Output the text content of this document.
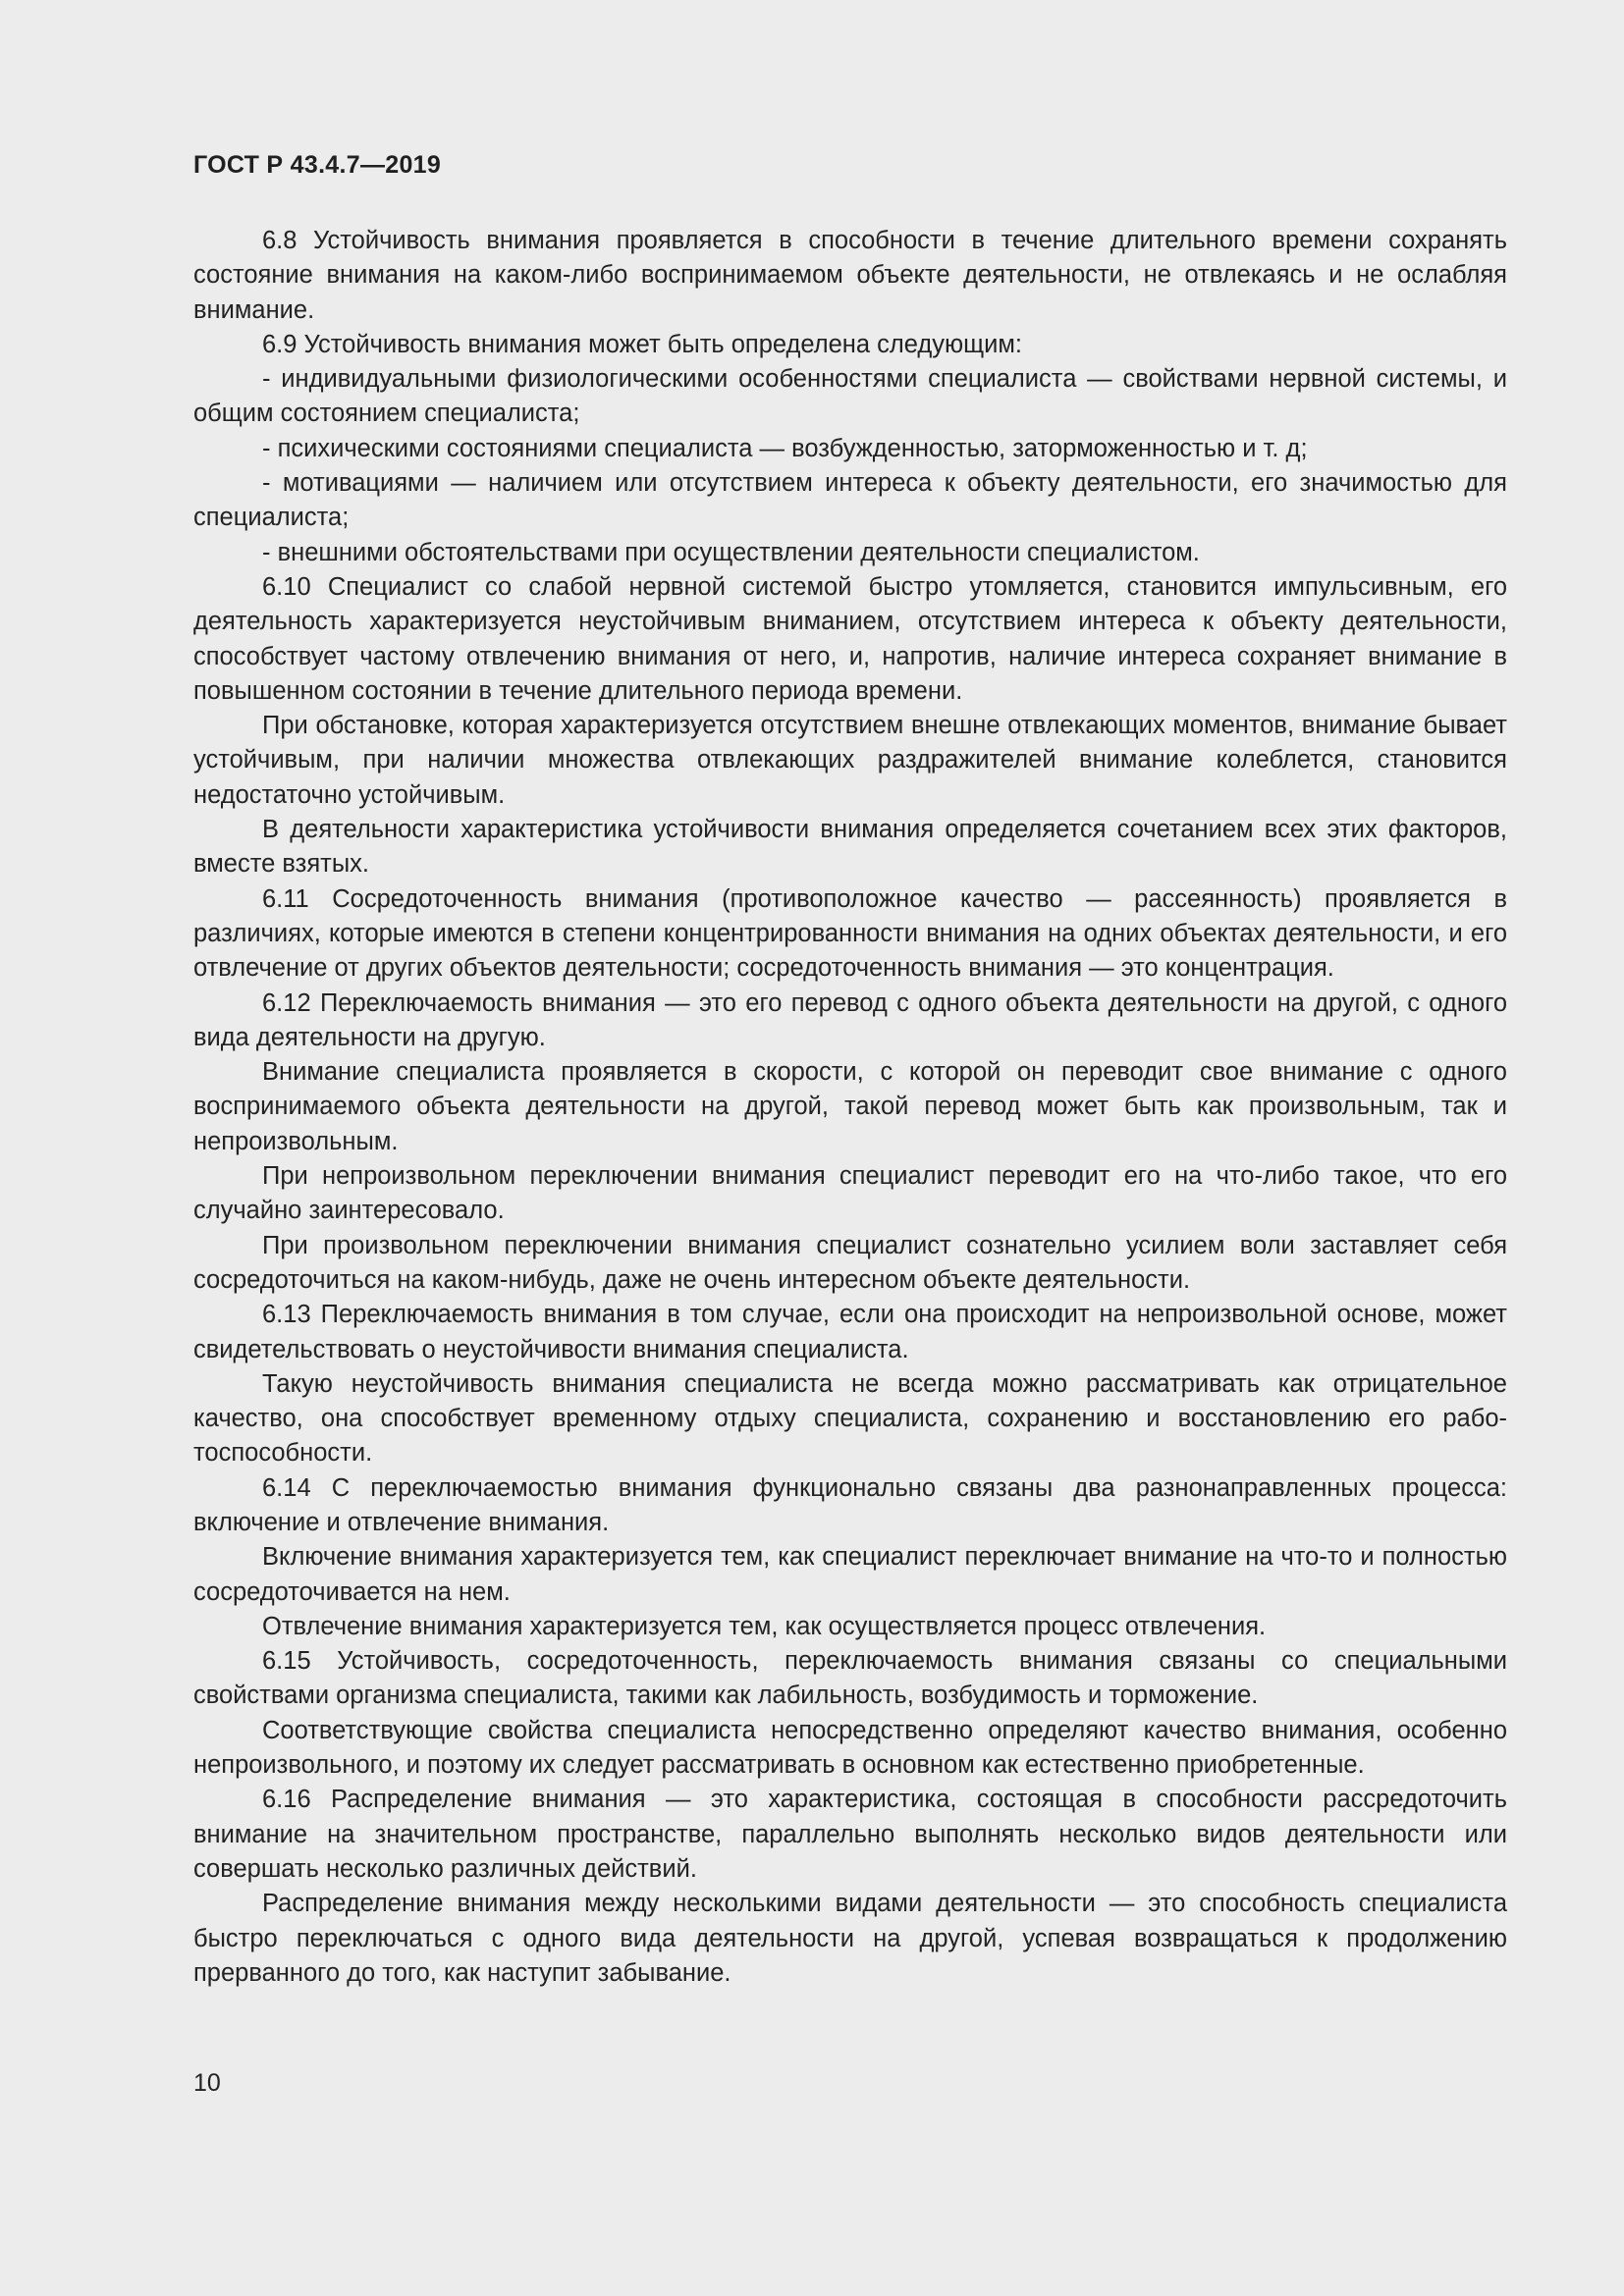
ГОСТ Р 43.4.7—2019

6.8 Устойчивость внимания проявляется в способности в течение длительного времени сохранять состояние внимания на каком-либо воспринимаемом объекте деятельности, не отвлекаясь и не ослабляя внимание.

6.9 Устойчивость внимания может быть определена следующим:

- индивидуальными физиологическими особенностями специалиста — свойствами нервной системы, и общим состоянием специалиста;

- психическими состояниями специалиста — возбужденностью, заторможенностью и т. д;

- мотивациями — наличием или отсутствием интереса к объекту деятельности, его значимостью для специалиста;

- внешними обстоятельствами при осуществлении деятельности специалистом.

6.10 Специалист со слабой нервной системой быстро утомляется, становится импульсивным, его деятельность характеризуется неустойчивым вниманием, отсутствием интереса к объекту деятельности, способствует частому отвлечению внимания от него, и, напротив, наличие интереса сохраняет внимание в повышенном состоянии в течение длительного периода времени.

При обстановке, которая характеризуется отсутствием внешне отвлекающих моментов, внимание бывает устойчивым, при наличии множества отвлекающих раздражителей внимание колеблется, становится недостаточно устойчивым.

В деятельности характеристика устойчивости внимания определяется сочетанием всех этих факторов, вместе взятых.

6.11 Сосредоточенность внимания (противоположное качество — рассеянность) проявляется в различиях, которые имеются в степени концентрированности внимания на одних объектах деятельности, и его отвлечение от других объектов деятельности; сосредоточенность внимания — это концентрация.

6.12 Переключаемость внимания — это его перевод с одного объекта деятельности на другой, с одного вида деятельности на другую.

Внимание специалиста проявляется в скорости, с которой он переводит свое внимание с одного воспринимаемого объекта деятельности на другой, такой перевод может быть как произвольным, так и непроизвольным.

При непроизвольном переключении внимания специалист переводит его на что-либо такое, что его случайно заинтересовало.

При произвольном переключении внимания специалист сознательно усилием воли заставляет себя сосредоточиться на каком-нибудь, даже не очень интересном объекте деятельности.

6.13 Переключаемость внимания в том случае, если она происходит на непроизвольной основе, может свидетельствовать о неустойчивости внимания специалиста.

Такую неустойчивость внимания специалиста не всегда можно рассматривать как отрицательное качество, она способствует временному отдыху специалиста, сохранению и восстановлению его работоспособности.

6.14 С переключаемостью внимания функционально связаны два разнонаправленных процесса: включение и отвлечение внимания.

Включение внимания характеризуется тем, как специалист переключает внимание на что-то и полностью сосредоточивается на нем.

Отвлечение внимания характеризуется тем, как осуществляется процесс отвлечения.

6.15 Устойчивость, сосредоточенность, переключаемость внимания связаны со специальными свойствами организма специалиста, такими как лабильность, возбудимость и торможение.

Соответствующие свойства специалиста непосредственно определяют качество внимания, особенно непроизвольного, и поэтому их следует рассматривать в основном как естественно приобретенные.

6.16 Распределение внимания — это характеристика, состоящая в способности рассредоточить внимание на значительном пространстве, параллельно выполнять несколько видов деятельности или совершать несколько различных действий.

Распределение внимания между несколькими видами деятельности — это способность специалиста быстро переключаться с одного вида деятельности на другой, успевая возвращаться к продолжению прерванного до того, как наступит забывание.

10
